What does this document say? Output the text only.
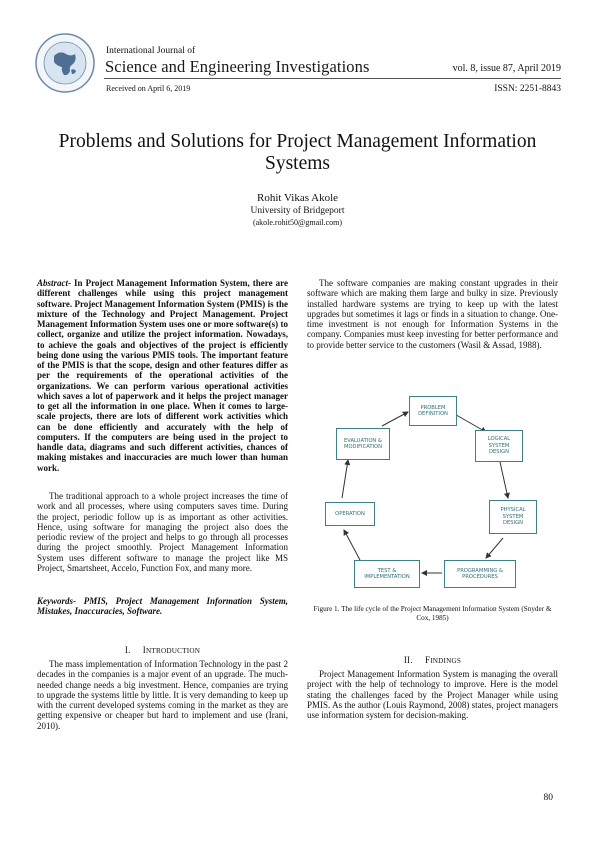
International Journal of
Science and Engineering Investigations	vol. 8, issue 87, April 2019
Received on April 6, 2019	ISSN: 2251-8843
Problems and Solutions for Project Management Information Systems
Rohit Vikas Akole
University of Bridgeport
(akole.rohit50@gmail.com)

Abstract- In Project Management Information System, there are different challenges while using this project management software. Project Management Information System (PMIS) is the mixture of the Technology and Project Management. Project Management Information System uses one or more software(s) to collect, organize and utilize the project information. Nowadays, to achieve the goals and objectives of the project is efficiently being done using the various PMIS tools. The important feature of the PMIS is that the scope, design and other features differ as per the requirements of the operational activities of the organizations. We can perform various operational activities which saves a lot of paperwork and it helps the project manager to get all the information in one place. When it comes to large-scale projects, there are lots of different work activities which can be done efficiently and accurately with the help of computers. If the computers are being used in the project to handle data, diagrams and such different activities, chances of making mistakes and inaccuracies are much lower than human work.

The traditional approach to a whole project increases the time of work and all processes, where using computers saves time. During the project, periodic follow up is as important as other activities. Hence, using software for managing the project also does the periodic review of the project and helps to go through all processes during the project smoothly. Project Management Information System uses different software to manage the project like MS Project, Smartsheet, Accelo, Function Fox, and many more.
Keywords- PMIS, Project Management Information System, Mistakes, Inaccuracies, Software.
I. INTRODUCTION
The mass implementation of Information Technology in the past 2 decades in the companies is a major event of an upgrade. The much-needed change needs a big investment. Hence, companies are trying to upgrade the systems little by little. It is very demanding to keep up with the current developed systems coming in the market as they are getting expensive or cheaper but hard to implement and use (Irani, 2010).
The software companies are making constant upgrades in their software which are making them large and bulky in size. Previously installed hardware systems are trying to keep up with the latest upgrades but sometimes it lags or finds in a situation to change. One-time investment is not enough for Information Systems in the company. Companies must keep investing for better performance and to provide better service to the customers (Wasil & Assad, 1988).
PROBLEM
DEFINITION
LOGICAL
SYSTEM
DESIGN
PHYSICAL
SYSTEM
DESIGN
PROGRAMMING &
PROCEDURES
TEST &
IMPLEMENTATION
OPERATION
EVALUATION &
MODIFICATION
Figure 1. The life cycle of the Project Management Information System (Snyder & Cox, 1985)
II. FINDINGS
Project Management Information System is managing the overall project with the help of technology to improve. Here is the model stating the challenges faced by the Project Manager while using PMIS. As the author (Louis Raymond, 2008) states, project managers use information system for decision-making.
80
